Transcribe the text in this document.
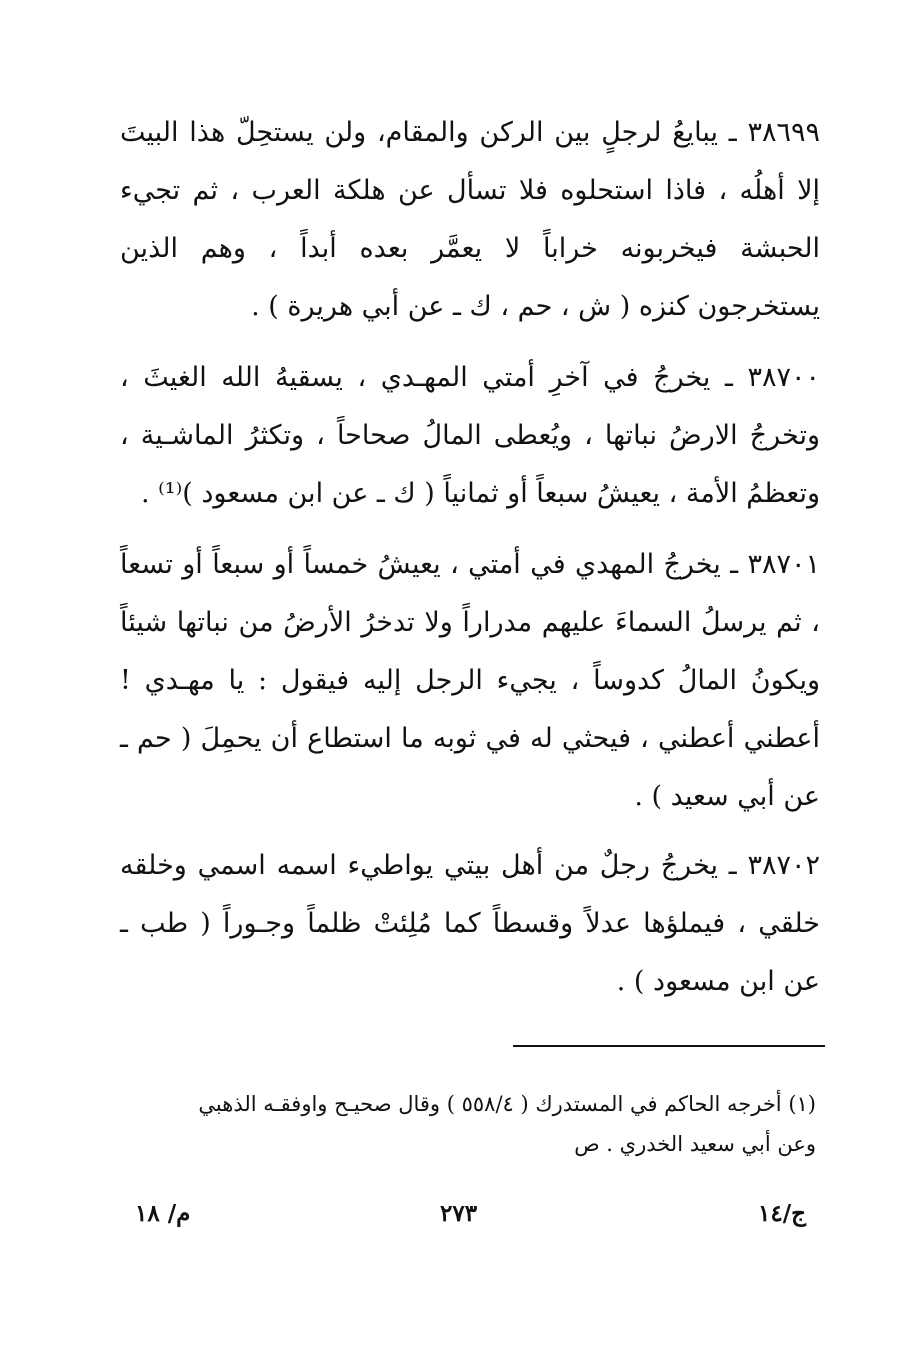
٣٨٦٩٩ ـ يبايعُ لرجلٍ بين الركن والمقام، ولن يستحِلّ هذا البيتَ إلا أهلُه ، فاذا استحلوه فلا تسأل عن هلكة العرب ، ثم تجيء الحبشة فيخربونه خراباً لا يعمَّر بعده أبداً ، وهم الذين يستخرجون كنزه ( ش ، حم ، ك ـ عن أبي هريرة ) .

٣٨٧٠٠ ـ يخرجُ في آخرِ أمتي المهـدي ، يسقيهُ الله الغيثَ ، وتخرجُ الارضُ نباتها ، ويُعطى المالُ صحاحاً ، وتكثرُ الماشـية ، وتعظمُ الأمة ، يعيشُ سبعاً أو ثمانياً ( ك ـ عن ابن مسعود )⁽¹⁾ .

٣٨٧٠١ ـ يخرجُ المهدي في أمتي ، يعيشُ خمساً أو سبعاً أو تسعاً ، ثم يرسلُ السماءَ عليهم مدراراً ولا تدخرُ الأرضُ من نباتها شيئاً ويكونُ المالُ كدوساً ، يجيء الرجل إليه فيقول : يا مهـدي ! أعطني أعطني ، فيحثي له في ثوبه ما استطاع أن يحمِلَ ( حم ـ عن أبي سعيد ) .

٣٨٧٠٢ ـ يخرجُ رجلٌ من أهل بيتي يواطيء اسمه اسمي وخلقه خلقي ، فيملؤها عدلاً وقسطاً كما مُلِئتْ ظلماً وجـوراً ( طب ـ عن ابن مسعود ) .

(١) أخرجه الحاكم في المستدرك ( ٥٥٨/٤ ) وقال صحيـح واوفقـه الذهبي
وعن أبي سعيد الخدري . ص

ج/١٤
٢٧٣
م/ ١٨
